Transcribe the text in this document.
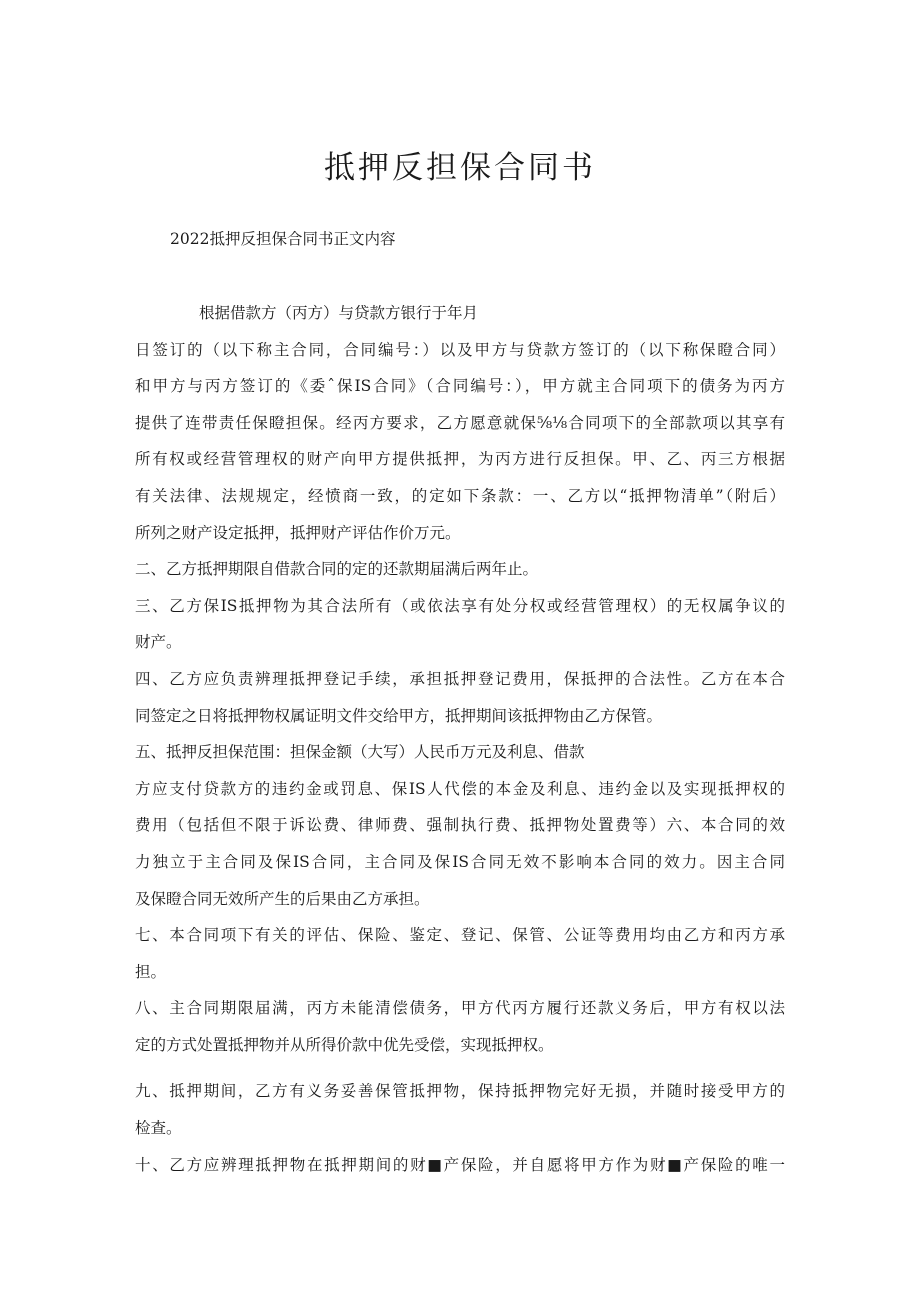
抵押反担保合同书
2022抵押反担保合同书正文内容
根据借款方（丙方）与贷款方银行于年月
日签订的（以下称主合同，合同编号：）以及甲方与贷款方签订的（以下称保瞪合同）
和甲方与丙方签订的《委ˆ保IS合同》（合同编号：），甲方就主合同项下的债务为丙方
提供了连带责任保瞪担保。经丙方要求，乙方愿意就保⅝⅛合同项下的全部款项以其享有
所有权或经营管理权的财产向甲方提供抵押，为丙方进行反担保。甲、乙、丙三方根据
有关法律、法规规定，经愤商一致，的定如下条款：一、乙方以“抵押物清单”（附后）
所列之财产设定抵押，抵押财产评估作价万元。
二、乙方抵押期限自借款合同的定的还款期届满后两年止。
三、乙方保IS抵押物为其合法所有（或依法享有处分权或经营管理权）的无权属争议的
财产。
四、乙方应负责辨理抵押登记手续，承担抵押登记费用，保抵押的合法性。乙方在本合
同签定之日将抵押物权属证明文件交给甲方，抵押期间该抵押物由乙方保管。
五、抵押反担保范围：担保金额（大写）人民币万元及利息、借款
方应支付贷款方的违约金或罚息、保IS人代偿的本金及利息、违约金以及实现抵押权的
费用（包括但不限于诉讼费、律师费、强制执行费、抵押物处置费等）六、本合同的效
力独立于主合同及保IS合同，主合同及保IS合同无效不影响本合同的效力。因主合同
及保瞪合同无效所产生的后果由乙方承担。
七、本合同项下有关的评估、保险、鉴定、登记、保管、公证等费用均由乙方和丙方承
担。
八、主合同期限届满，丙方未能清偿债务，甲方代丙方履行还款义务后，甲方有权以法
定的方式处置抵押物并从所得价款中优先受偿，实现抵押权。
九、抵押期间，乙方有义务妥善保管抵押物，保持抵押物完好无损，并随时接受甲方的
检查。
十、乙方应辨理抵押物在抵押期间的财■产保险，并自愿将甲方作为财■产保险的唯一
